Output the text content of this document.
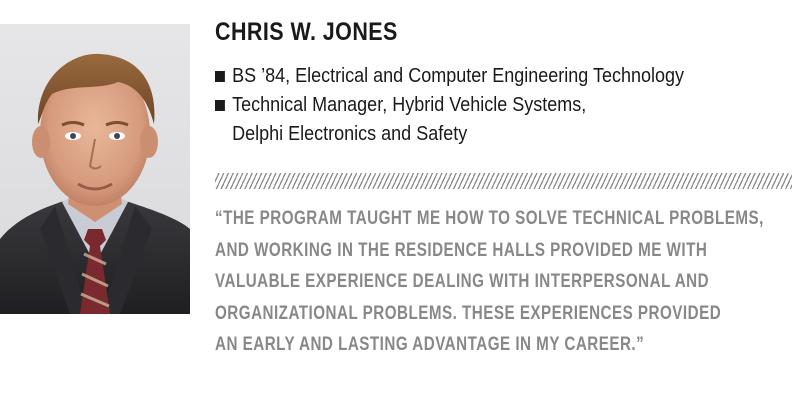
CHRIS W. JONES
BS ’84, Electrical and Computer Engineering Technology
Technical Manager, Hybrid Vehicle Systems,
Delphi Electronics and Safety

“THE PROGRAM TAUGHT ME HOW TO SOLVE TECHNICAL PROBLEMS,
AND WORKING IN THE RESIDENCE HALLS PROVIDED ME WITH
VALUABLE EXPERIENCE DEALING WITH INTERPERSONAL AND
ORGANIZATIONAL PROBLEMS. THESE EXPERIENCES PROVIDED
AN EARLY AND LASTING ADVANTAGE IN MY CAREER.”
